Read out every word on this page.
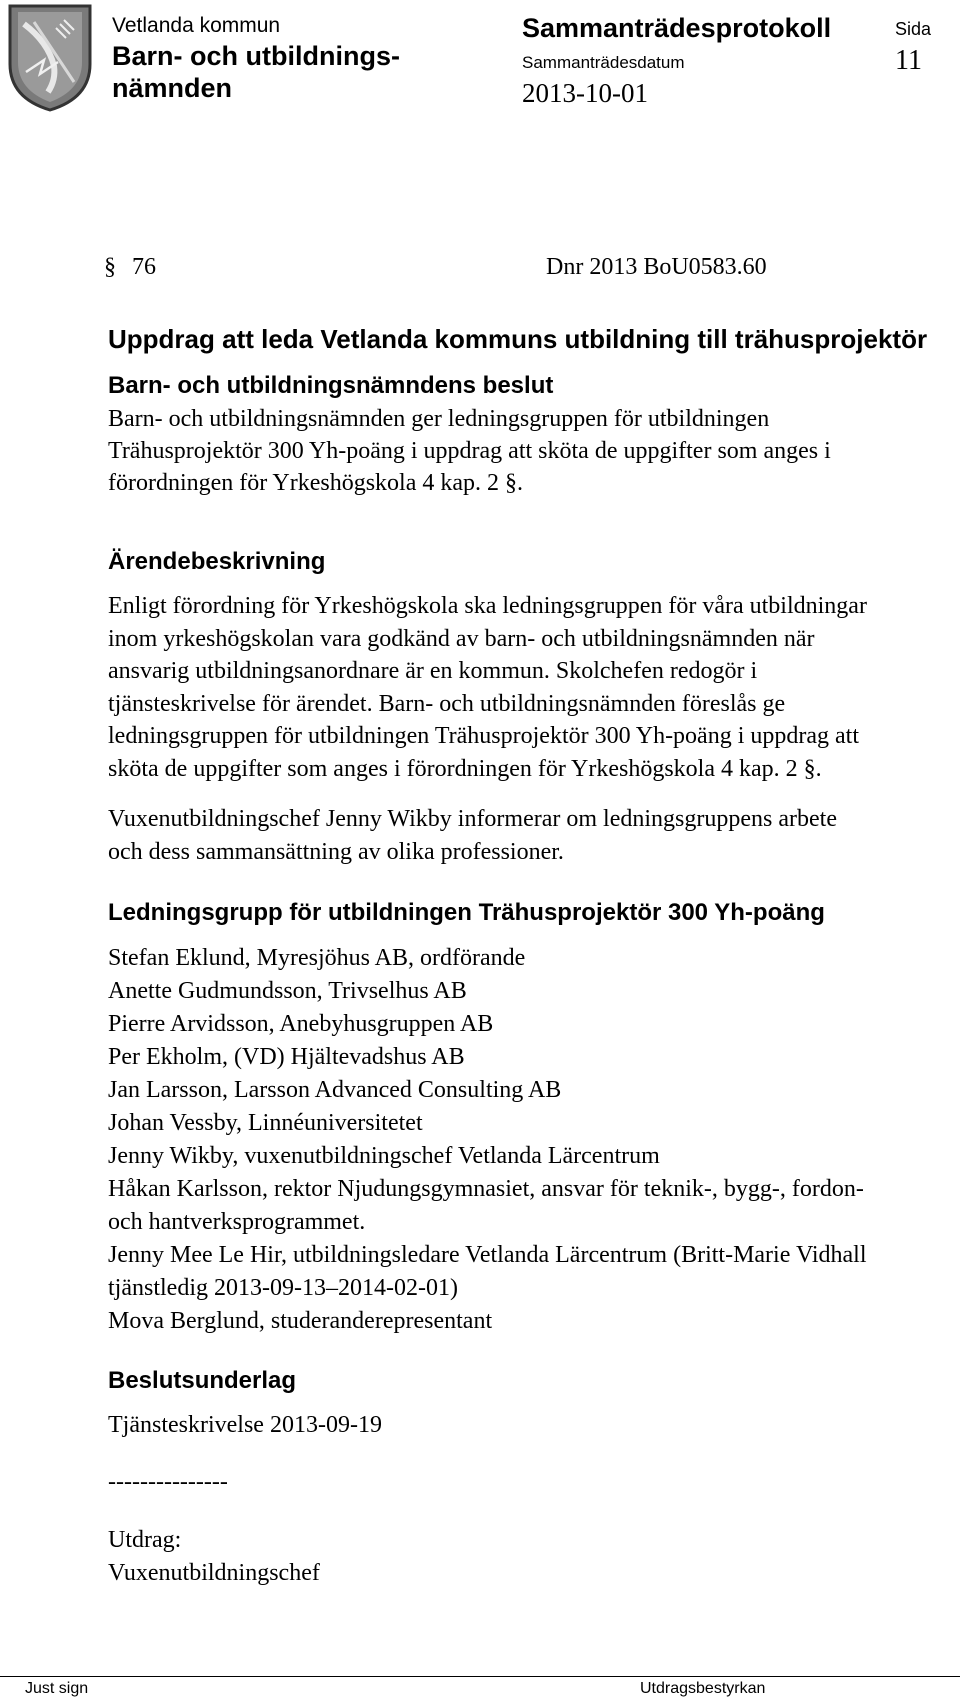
Vetlanda kommun
Barn- och utbildnings-
nämnden
Sammanträdesprotokoll
Sammanträdesdatum
2013-10-01
Sida
11
§ 76	Dnr 2013 BoU0583.60
Uppdrag att leda Vetlanda kommuns utbildning till trähusprojektör
Barn- och utbildningsnämndens beslut
Barn- och utbildningsnämnden ger ledningsgruppen för utbildningen
Trähusprojektör 300 Yh-poäng i uppdrag att sköta de uppgifter som anges i
förordningen för Yrkeshögskola 4 kap. 2 §.
Ärendebeskrivning
Enligt förordning för Yrkeshögskola ska ledningsgruppen för våra utbildningar
inom yrkeshögskolan vara godkänd av barn- och utbildningsnämnden när
ansvarig utbildningsanordnare är en kommun. Skolchefen redogör i
tjänsteskrivelse för ärendet. Barn- och utbildningsnämnden föreslås ge
ledningsgruppen för utbildningen Trähusprojektör 300 Yh-poäng i uppdrag att
sköta de uppgifter som anges i förordningen för Yrkeshögskola 4 kap. 2 §.
Vuxenutbildningschef Jenny Wikby informerar om ledningsgruppens arbete
och dess sammansättning av olika professioner.
Ledningsgrupp för utbildningen Trähusprojektör 300 Yh-poäng
Stefan Eklund, Myresjöhus AB, ordförande
Anette Gudmundsson, Trivselhus AB
Pierre Arvidsson, Anebyhusgruppen AB
Per Ekholm, (VD) Hjältevadshus AB
Jan Larsson, Larsson Advanced Consulting AB
Johan Vessby, Linnéuniversitetet
Jenny Wikby, vuxenutbildningschef Vetlanda Lärcentrum
Håkan Karlsson, rektor Njudungsgymnasiet, ansvar för teknik-, bygg-, fordon-
och hantverksprogrammet.
Jenny Mee Le Hir, utbildningsledare Vetlanda Lärcentrum (Britt-Marie Vidhall
tjänstledig 2013-09-13–2014-02-01)
Mova Berglund, studeranderepresentant
Beslutsunderlag
Tjänsteskrivelse 2013-09-19
---------------
Utdrag:
Vuxenutbildningschef
Just sign	Utdragsbestyrkan
